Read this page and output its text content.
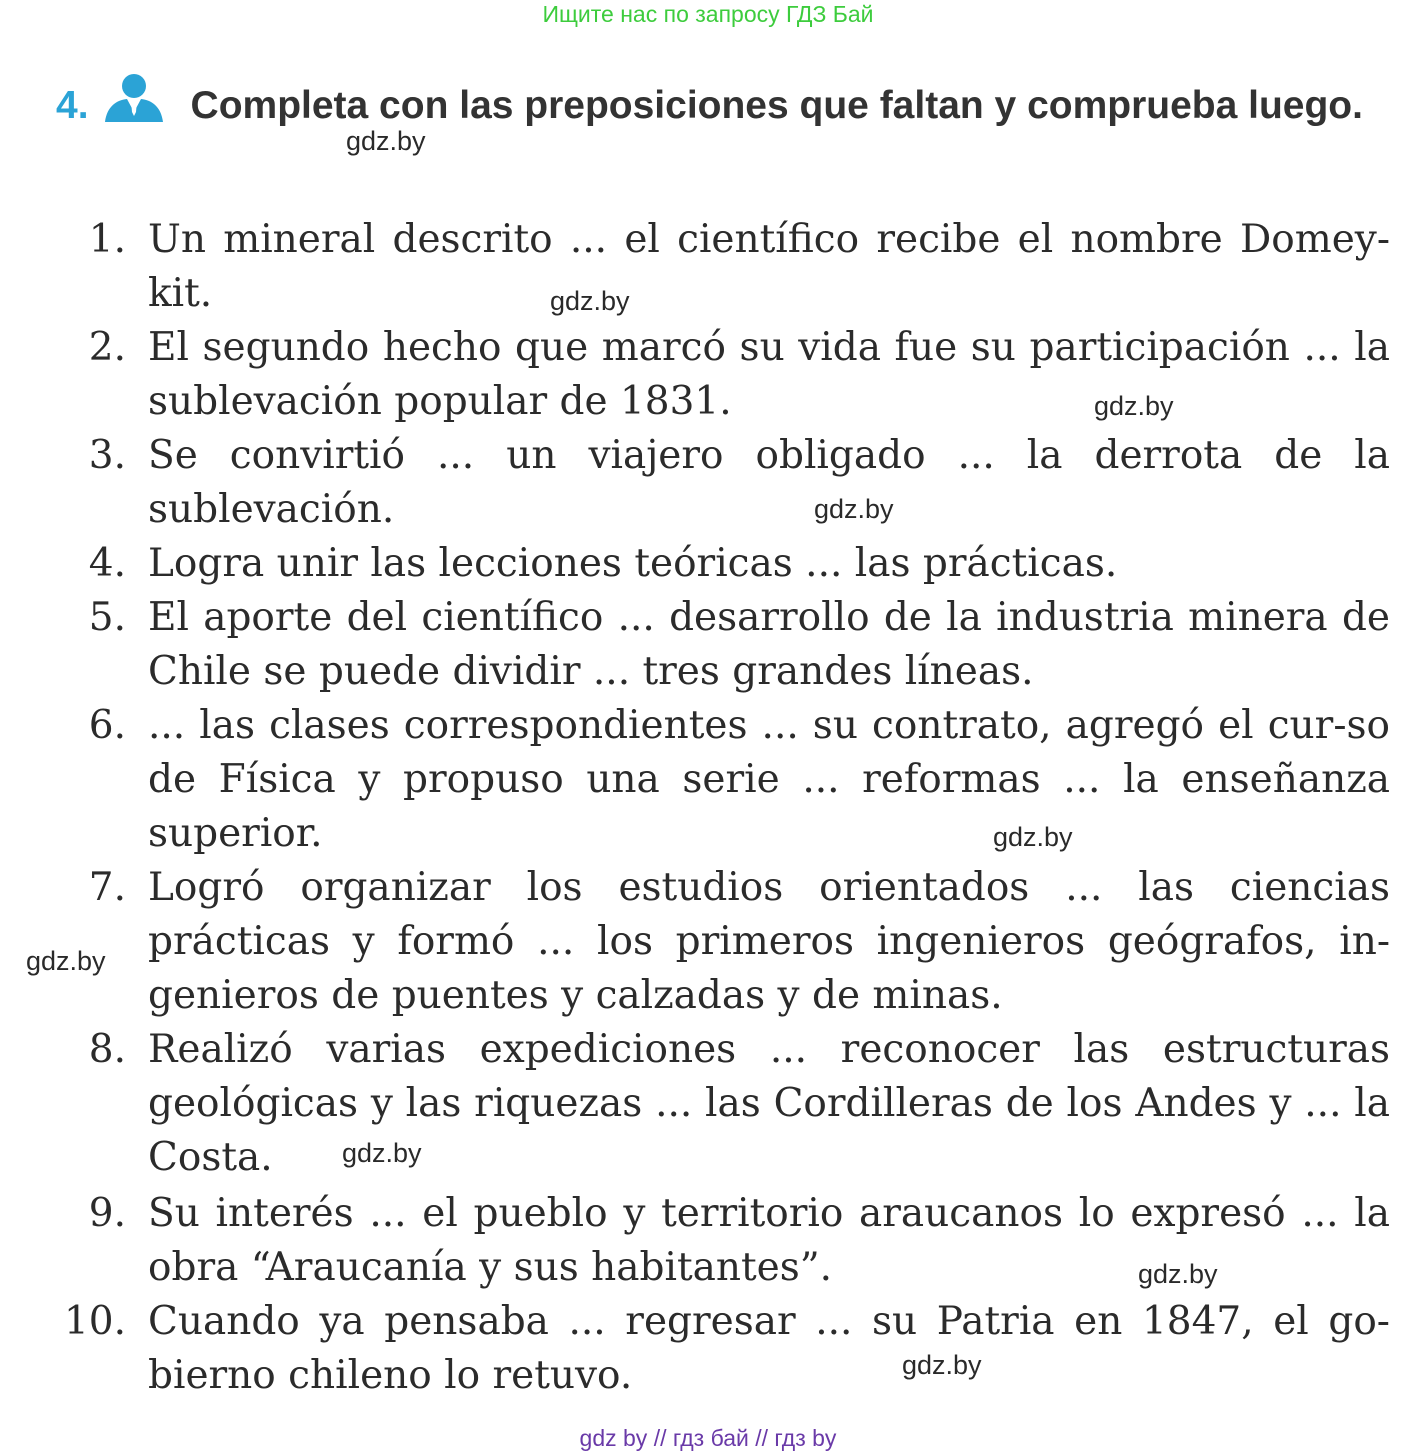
Ищите нас по запросу ГДЗ Бай
4.	Completa con las preposiciones que faltan y comprueba luego.
gdz.by
1. Un mineral descrito ... el científico recibe el nombre Domey-kit.	gdz.by
2. El segundo hecho que marcó su vida fue su participación ... la sublevación popular de 1831.	gdz.by
3. Se convirtió ... un viajero obligado ... la derrota de la sublevación.	gdz.by
4. Logra unir las lecciones teóricas ... las prácticas.
5. El aporte del científico ... desarrollo de la industria minera de Chile se puede dividir ... tres grandes líneas.
6. ... las clases correspondientes ... su contrato, agregó el cur-so de Física y propuso una serie ... reformas ... la enseñanza superior.	gdz.by
7. Logró organizar los estudios orientados ... las ciencias prácticas y formó ... los primeros ingenieros geógrafos, in-genieros de puentes y calzadas y de minas.
gdz.by
8. Realizó varias expediciones ... reconocer las estructuras geológicas y las riquezas ... las Cordilleras de los Andes y ... la Costa.	gdz.by
9. Su interés ... el pueblo y territorio araucanos lo expresó ... la obra “Araucanía y sus habitantes”.	gdz.by
10. Cuando ya pensaba ... regresar ... su Patria en 1847, el go-bierno chileno lo retuvo.	gdz.by
gdz by // гдз бай // гдз by
